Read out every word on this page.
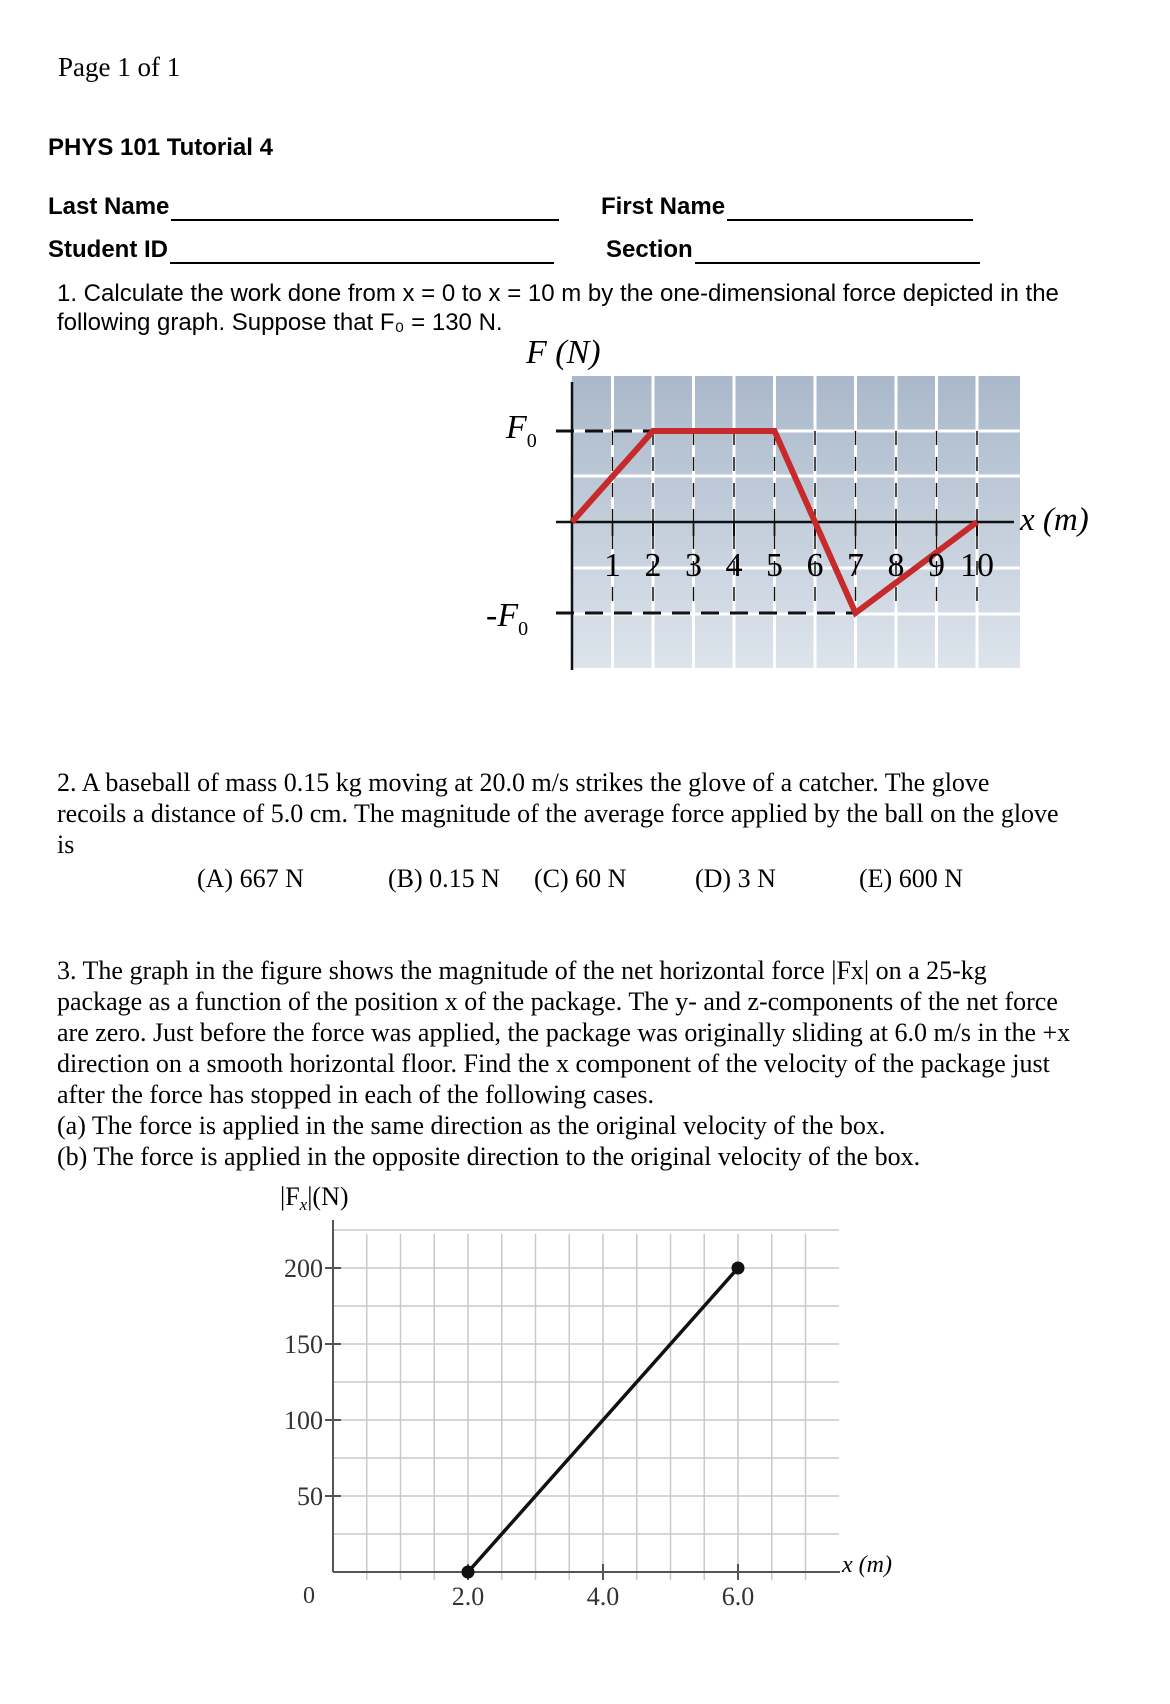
Page 1 of 1
PHYS 101 Tutorial 4
Last Name	First Name
Student ID	Section
1. Calculate the work done from x = 0 to x = 10 m by the one-dimensional force depicted in the
following graph. Suppose that F₀ = 130 N.
1 2 3 4 5 6 7 8 9 10
F (N)
$F_0$
$-F_0$
x (m)
2. A baseball of mass 0.15 kg moving at 20.0 m/s strikes the glove of a catcher. The glove
recoils a distance of 5.0 cm. The magnitude of the average force applied by the ball on the glove
is
(A) 667 N	(B) 0.15 N (C) 60 N	(D) 3 N	(E) 600 N
3. The graph in the figure shows the magnitude of the net horizontal force |Fx| on a 25-kg
package as a function of the position x of the package. The y- and z-components of the net force
are zero. Just before the force was applied, the package was originally sliding at 6.0 m/s in the +x
direction on a smooth horizontal floor. Find the x component of the velocity of the package just
after the force has stopped in each of the following cases.
(a) The force is applied in the same direction as the original velocity of the box.
(b) The force is applied in the opposite direction to the original velocity of the box.
200
150
100
50
2.0	4.0	6.0
|Fx|(N)
0
x (m)
